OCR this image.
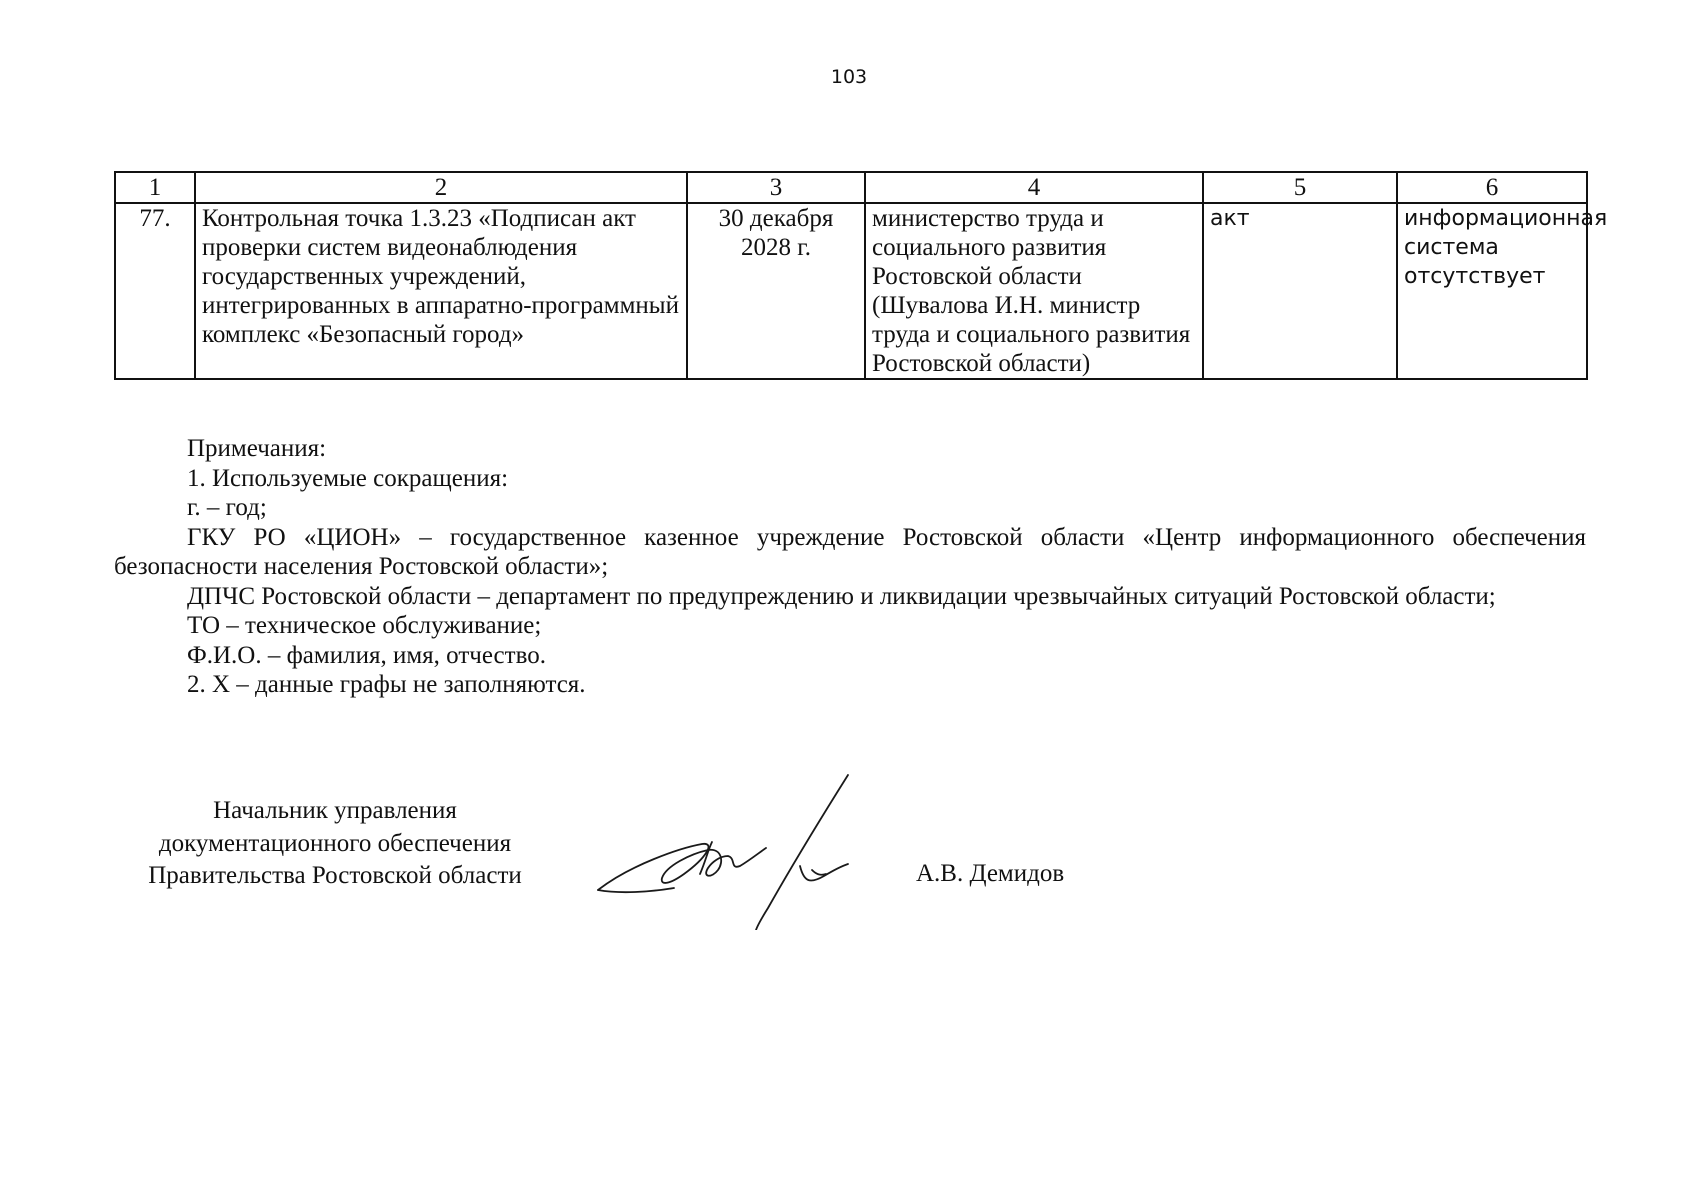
103
1	2	3	4	5	6
77.	Контрольная точка 1.3.23 «Подписан акт проверки систем видеонаблюдения государственных учреждений, интегрированных в аппаратно-программный комплекс «Безопасный город»	30 декабря 2028 г.	министерство труда и социального развития Ростовской области (Шувалова И.Н. министр труда и социального развития Ростовской области)	акт	информационная система отсутствует

Примечания:

1. Используемые сокращения:

г. – год;

ГКУ РО «ЦИОН» – государственное казенное учреждение Ростовской области «Центр информационного обеспечения безопасности населения Ростовской области»;

ДПЧС Ростовской области – департамент по предупреждению и ликвидации чрезвычайных ситуаций Ростовской области;

ТО – техническое обслуживание;

Ф.И.О. – фамилия, имя, отчество.

2. Х – данные графы не заполняются.

Начальник управления
документационного обеспечения
Правительства Ростовской области	А.В. Демидов
